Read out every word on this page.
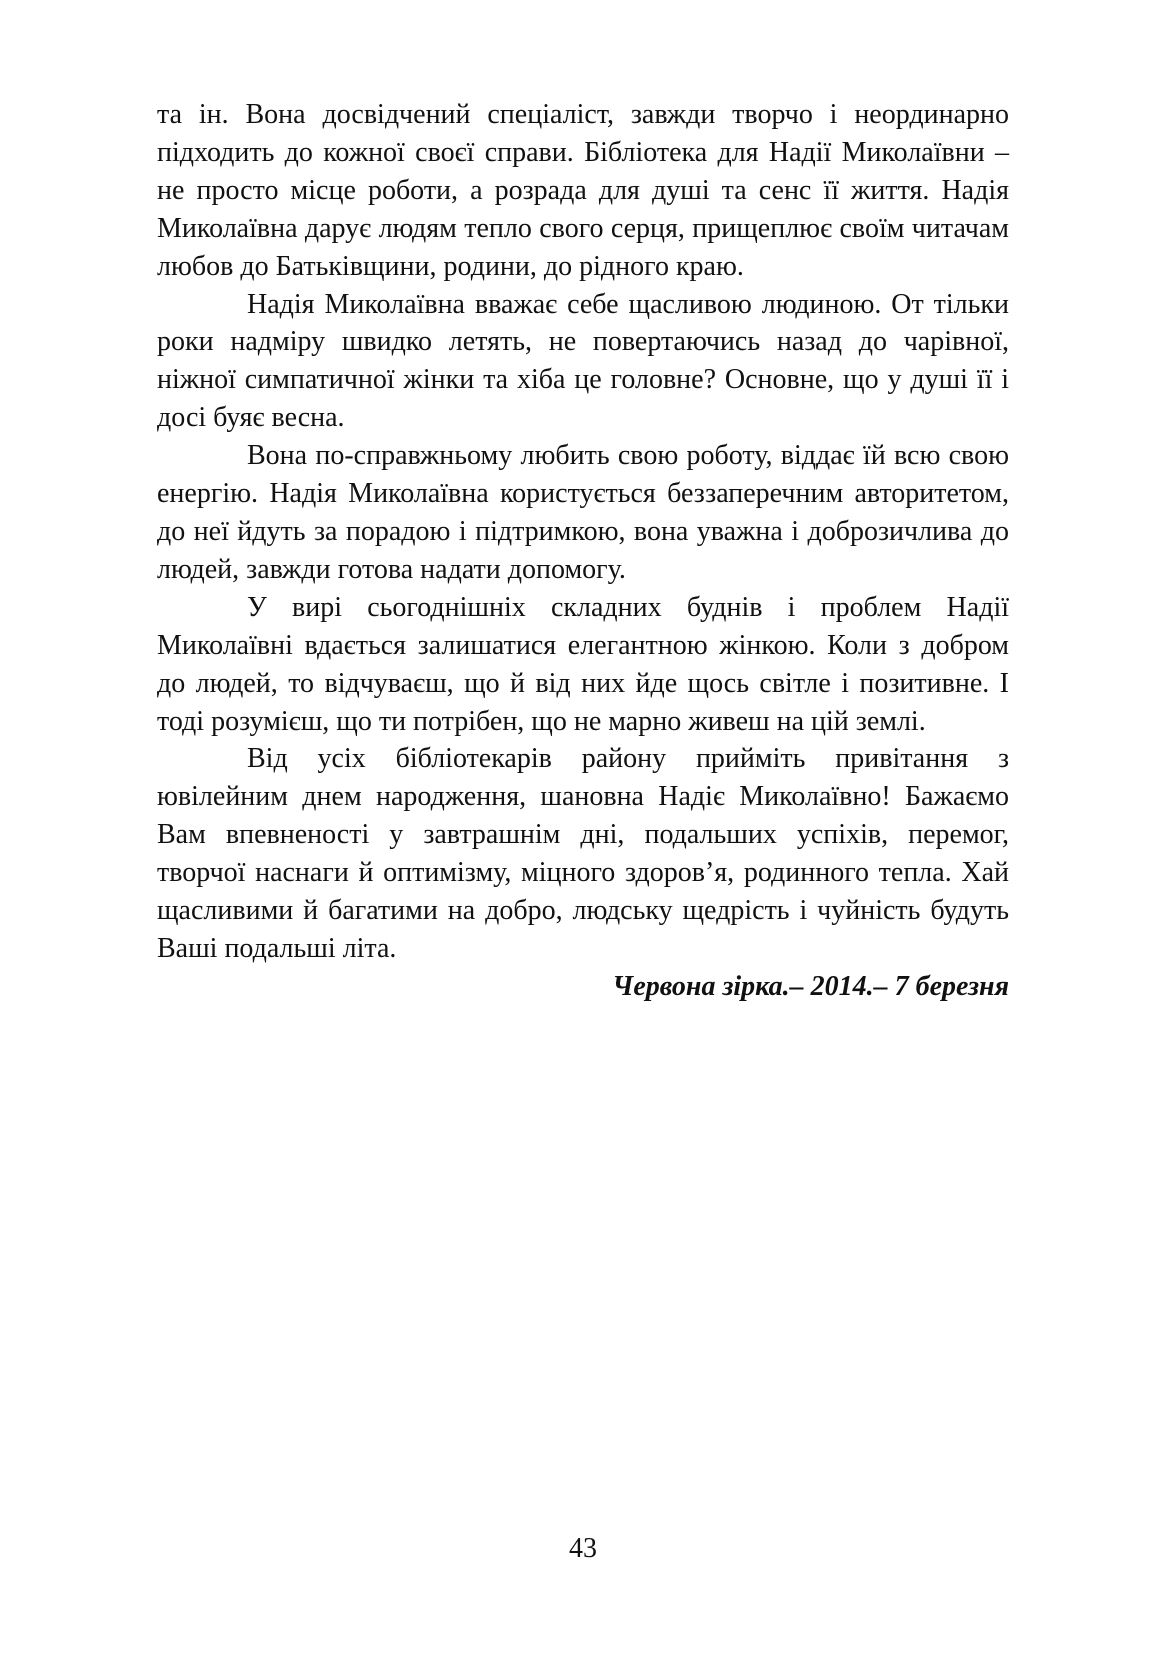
та ін. Вона досвідчений спеціаліст, завжди творчо і неординарно підходить до кожної своєї справи. Бібліотека для Надії Миколаївни – не просто місце роботи, а розрада для душі та сенс її життя. Надія Миколаївна дарує людям тепло свого серця, прищеплює своїм читачам любов до Батьківщини, родини, до рідного краю.

Надія Миколаївна вважає себе щасливою людиною. От тільки роки надміру швидко летять, не повертаючись назад до чарівної, ніжної симпатичної жінки та хіба це головне? Основне, що у душі її і досі буяє весна.

Вона по-справжньому любить свою роботу, віддає їй всю свою енергію. Надія Миколаївна користується беззаперечним авторитетом, до неї йдуть за порадою і підтримкою, вона уважна і доброзичлива до людей, завжди готова надати допомогу.

У вирі сьогоднішніх складних буднів і проблем Надії Миколаївні вдається залишатися елегантною жінкою. Коли з добром до людей, то відчуваєш, що й від них йде щось світле і позитивне. І тоді розумієш, що ти потрібен, що не марно живеш на цій землі.

Від усіх бібліотекарів району прийміть привітання з ювілейним днем народження, шановна Надіє Миколаївно! Бажаємо Вам впевненості у завтрашнім дні, подальших успіхів, перемог, творчої наснаги й оптимізму, міцного здоров’я, родинного тепла. Хай щасливими й багатими на добро, людську щедрість і чуйність будуть Ваші подальші літа.

Червона зірка.– 2014.– 7 березня

43
